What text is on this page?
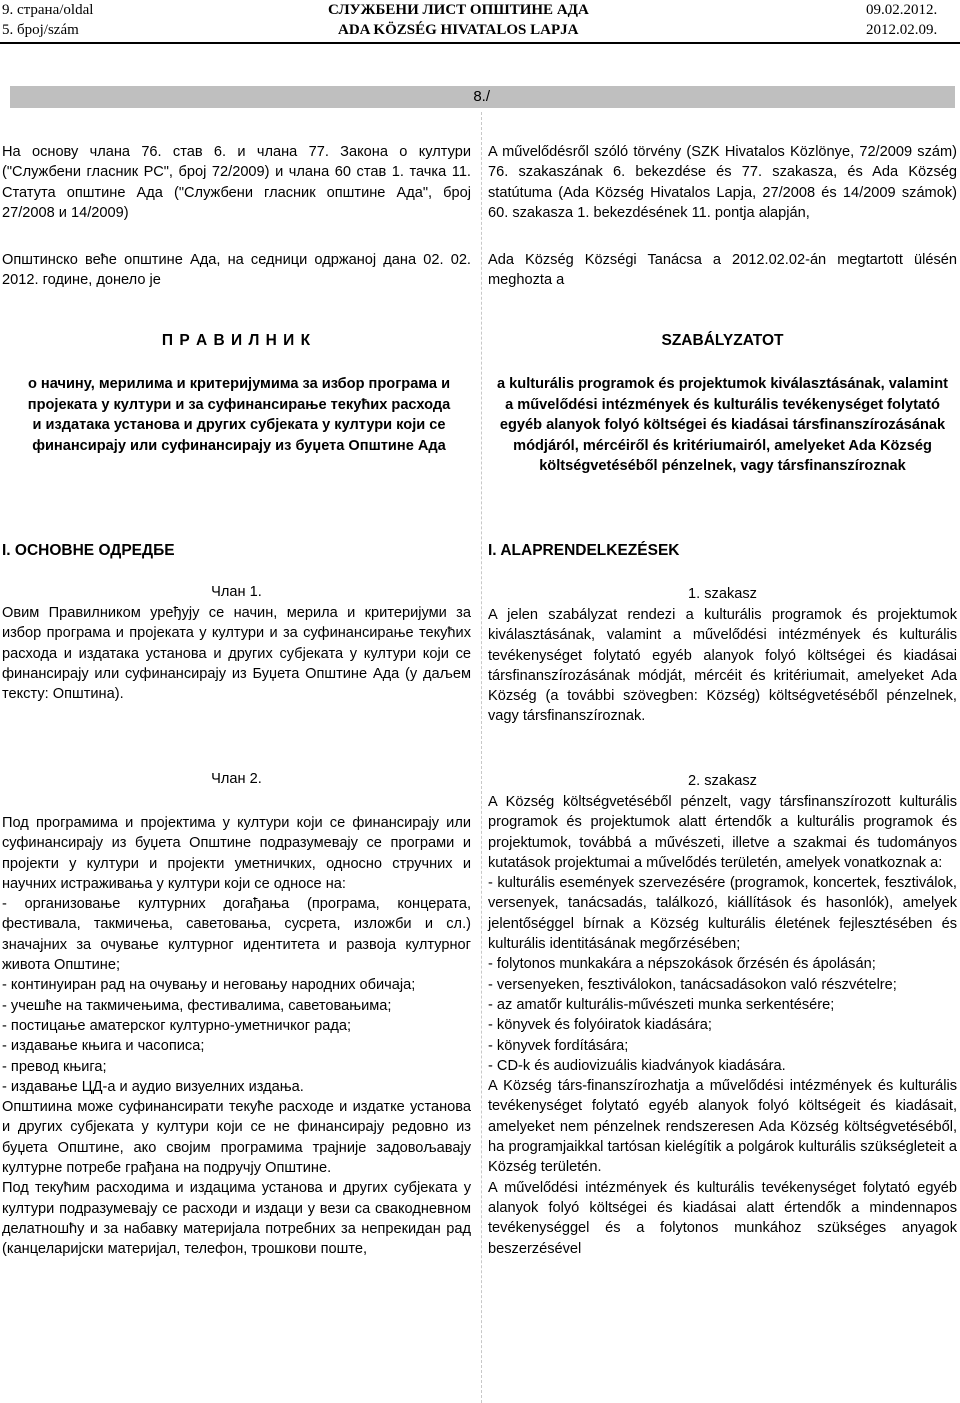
9. страна/oldal
5. број/szám
СЛУЖБЕНИ ЛИСТ ОПШТИНЕ АДА
ADA KÖZSÉG HIVATALOS LAPJA
09.02.2012.
2012.02.09.
8./

На основу члана 76. став 6. и члана 77. Закона о култури ("Службени гласник РС", број 72/2009) и члана 60 став 1. тачка 11. Статута општине Ада ("Службени гласник општине Ада", број 27/2008 и 14/2009)

Општинско веће општине Ада, на седници одржаној дана 02. 02. 2012. године, донело је

П Р А В И Л Н И К

о начину, мерилима и критеријумима за избор програма и пројеката у култури и за суфинансирање текућих расхода и издатака установа и других субјеката у култури који се финансирају или суфинансирају из буџета Општине Ада

I. ОСНОВНЕ ОДРЕДБЕ

Члан 1.

Овим Правилником уређују се начин, мерила и критеријуми за избор програма и пројеката у култури и за суфинансирање текућих расхода и издатака установа и других субјеката у култури који се финансирају или суфинансирају из Буџета Општине Ада (у даљем тексту: Општина).

Члан 2.

Под програмима и пројектима у култури који се финансирају или суфинансирају из буџета Општине подразумевају се програми и пројекти у култури и пројекти уметничких, односно стручних и научних истраживања у култури који се односе на:

- организовање културних догађања (програма, концерата, фестивала, такмичења, саветовања, сусрета, изложби и сл.) значајних за очување културног идентитета и развоја културног живота Општине;

- континуиран рад на очувању и неговању народних обичаја;

- учешће на такмичењима, фестивалима, саветовањима;

- постицање аматерског културно-уметничког рада;

- издавање књига и часописа;

- превод књига;

- издавање ЦД-а и аудио визуелних издања.

Општиина може суфинансирати текуће расходе и издатке установа и других субјеката у култури који се не финансирају редовно из буџета Општине, ако својим програмима трајније задовољавају културне потребе грађана на подручју Општине.

Под текућим расходима и издацима установа и других субјеката у култури подразумевају се расходи и издаци у вези са свакодневном делатношћу и за набавку материјала потребних за непрекидан рад (канцеларијски материјал, телефон, трошкови поште,

A művelődésről szóló törvény (SZK Hivatalos Közlönye, 72/2009 szám) 76. szakaszának 6. bekezdése és 77. szakasza, és Ada Község statútuma (Ada Község Hivatalos Lapja, 27/2008 és 14/2009 számok) 60. szakasza 1. bekezdésének 11. pontja alapján,

Ada Község Községi Tanácsa a 2012.02.02-án megtartott ülésén meghozta a

SZABÁLYZATOT

a kulturális programok és projektumok kiválasztásának, valamint a művelődési intézmények és kulturális tevékenységet folytató egyéb alanyok folyó költségei és kiadásai társfinanszírozásának módjáról, mércéiről és kritériumairól, amelyeket Ada Község költségvetéséből pénzelnek, vagy társfinanszíroznak

I. ALAPRENDELKEZÉSEK

1. szakasz

A jelen szabályzat rendezi a kulturális programok és projektumok kiválasztásának, valamint a művelődési intézmények és kulturális tevékenységet folytató egyéb alanyok folyó költségei és kiadásai társfinanszírozásának módját, mércéit és kritériumait, amelyeket Ada Község (a további szövegben: Község) költségvetéséből pénzelnek, vagy társfinanszíroznak.

2. szakasz

A Község költségvetéséből pénzelt, vagy társfinanszírozott kulturális programok és projektumok alatt értendők a kulturális programok és projektumok, továbbá a művészeti, illetve a szakmai és tudományos kutatások projektumai a művelődés területén, amelyek vonatkoznak a:

- kulturális események szervezésére (programok, koncertek, fesztiválok, versenyek, tanácsadás, találkozó, kiállítások és hasonlók), amelyek jelentőséggel bírnak a Község kulturális életének fejlesztésében és kulturális identitásának megőrzésében;

- folytonos munkakára a népszokások őrzésén és ápolásán;

- versenyeken, fesztiválokon, tanácsadásokon való részvételre;

- az amatőr kulturális-művészeti munka serkentésére;

- könyvek és folyóiratok kiadására;

- könyvek fordítására;

- CD-k és audiovizuális kiadványok kiadására.

A Község társ-finanszírozhatja a művelődési intézmények és kulturális tevékenységet folytató egyéb alanyok folyó költségeit és kiadásait, amelyeket nem pénzelnek rendszeresen Ada Község költségvetéséből, ha programjaikkal tartósan kielégítik a polgárok kulturális szükségleteit a Község területén.

A művelődési intézmények és kulturális tevékenységet folytató egyéb alanyok folyó költségei és kiadásai alatt értendők a mindennapos tevékenységgel és a folytonos munkához szükséges anyagok beszerzésével
